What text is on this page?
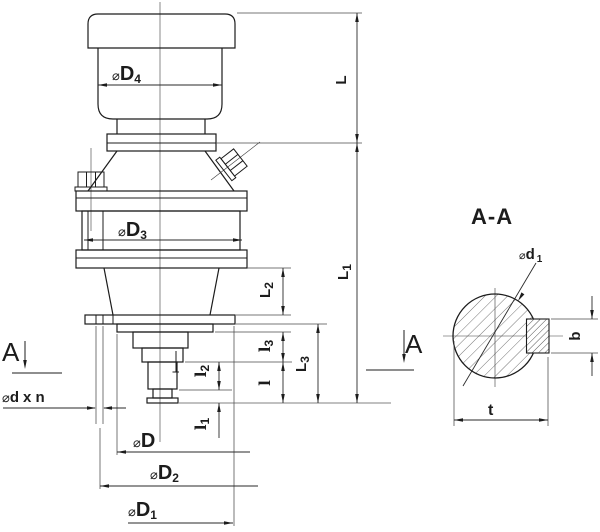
⌀D4
⌀D3
⌀D
⌀D2
⌀D1
⌀d x n
⌀d 1
A	A
A-A
t
L
L1
L2
L3
l3
l
l2
l1
b
